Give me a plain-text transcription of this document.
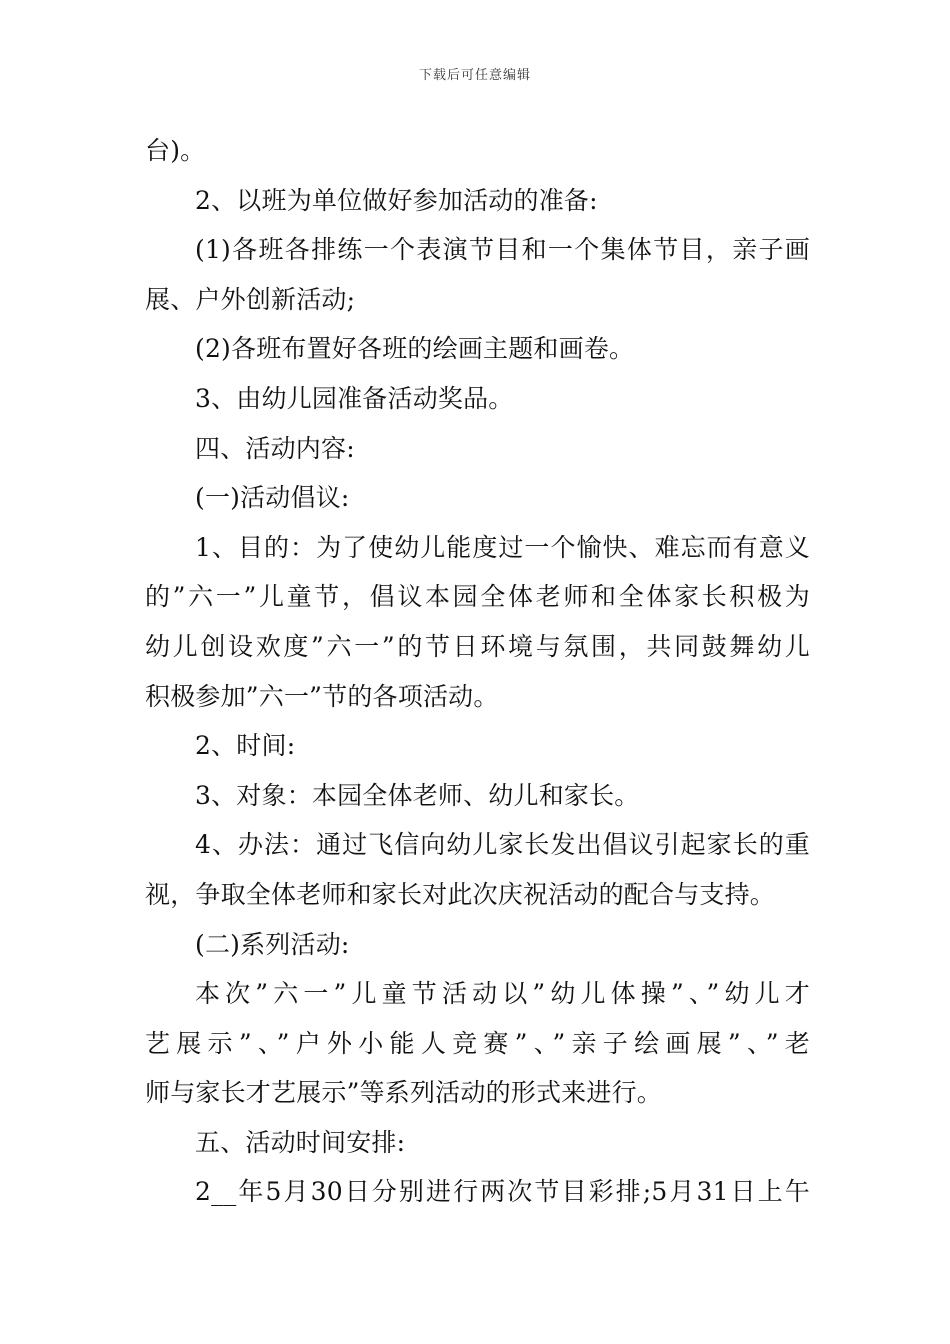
下载后可任意编辑
台)。
2、以班为单位做好参加活动的准备:
(1)各班各排练一个表演节目和一个集体节目，亲子画
展、户外创新活动;
(2)各班布置好各班的绘画主题和画卷。
3、由幼儿园准备活动奖品。
四、活动内容:
(一)活动倡议:
1、目的：为了使幼儿能度过一个愉快、难忘而有意义
的”六一”儿童节，倡议本园全体老师和全体家长积极为
幼儿创设欢度”六一”的节日环境与氛围，共同鼓舞幼儿
积极参加”六一”节的各项活动。
2、时间:
3、对象：本园全体老师、幼儿和家长。
4、办法：通过飞信向幼儿家长发出倡议引起家长的重
视，争取全体老师和家长对此次庆祝活动的配合与支持。
(二)系列活动:
本次”六一”儿童节活动以”幼儿体操”、”幼儿才
艺展示”、”户外小能人竞赛”、”亲子绘画展”、”老
师与家长才艺展示”等系列活动的形式来进行。
五、活动时间安排:
2__年5月30日分别进行两次节目彩排;5月31日上午
